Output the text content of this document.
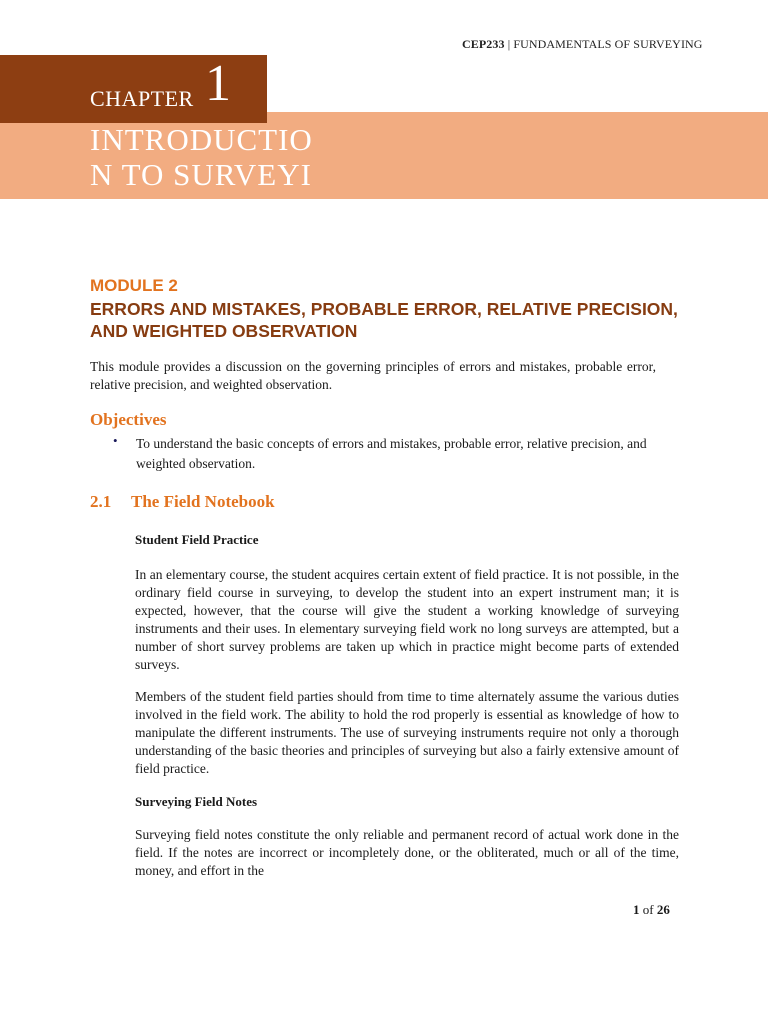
CEP233 | FUNDAMENTALS OF SURVEYING
CHAPTER 1
INTRODUCTION TO SURVEYING
MODULE 2
ERRORS AND MISTAKES, PROBABLE ERROR, RELATIVE PRECISION, AND WEIGHTED OBSERVATION
This module provides a discussion on the governing principles of errors and mistakes, probable error, relative precision, and weighted observation.
Objectives
• To understand the basic concepts of errors and mistakes, probable error, relative precision, and weighted observation.
2.1 The Field Notebook
Student Field Practice
In an elementary course, the student acquires certain extent of field practice. It is not possible, in the ordinary field course in surveying, to develop the student into an expert instrument man; it is expected, however, that the course will give the student a working knowledge of surveying instruments and their uses. In elementary surveying field work no long surveys are attempted, but a number of short survey problems are taken up which in practice might become parts of extended surveys.
Members of the student field parties should from time to time alternately assume the various duties involved in the field work. The ability to hold the rod properly is essential as knowledge of how to manipulate the different instruments. The use of surveying instruments require not only a thorough understanding of the basic theories and principles of surveying but also a fairly extensive amount of field practice.
Surveying Field Notes
Surveying field notes constitute the only reliable and permanent record of actual work done in the field. If the notes are incorrect or incompletely done, or the obliterated, much or all of the time, money, and effort in the
1 of 26
